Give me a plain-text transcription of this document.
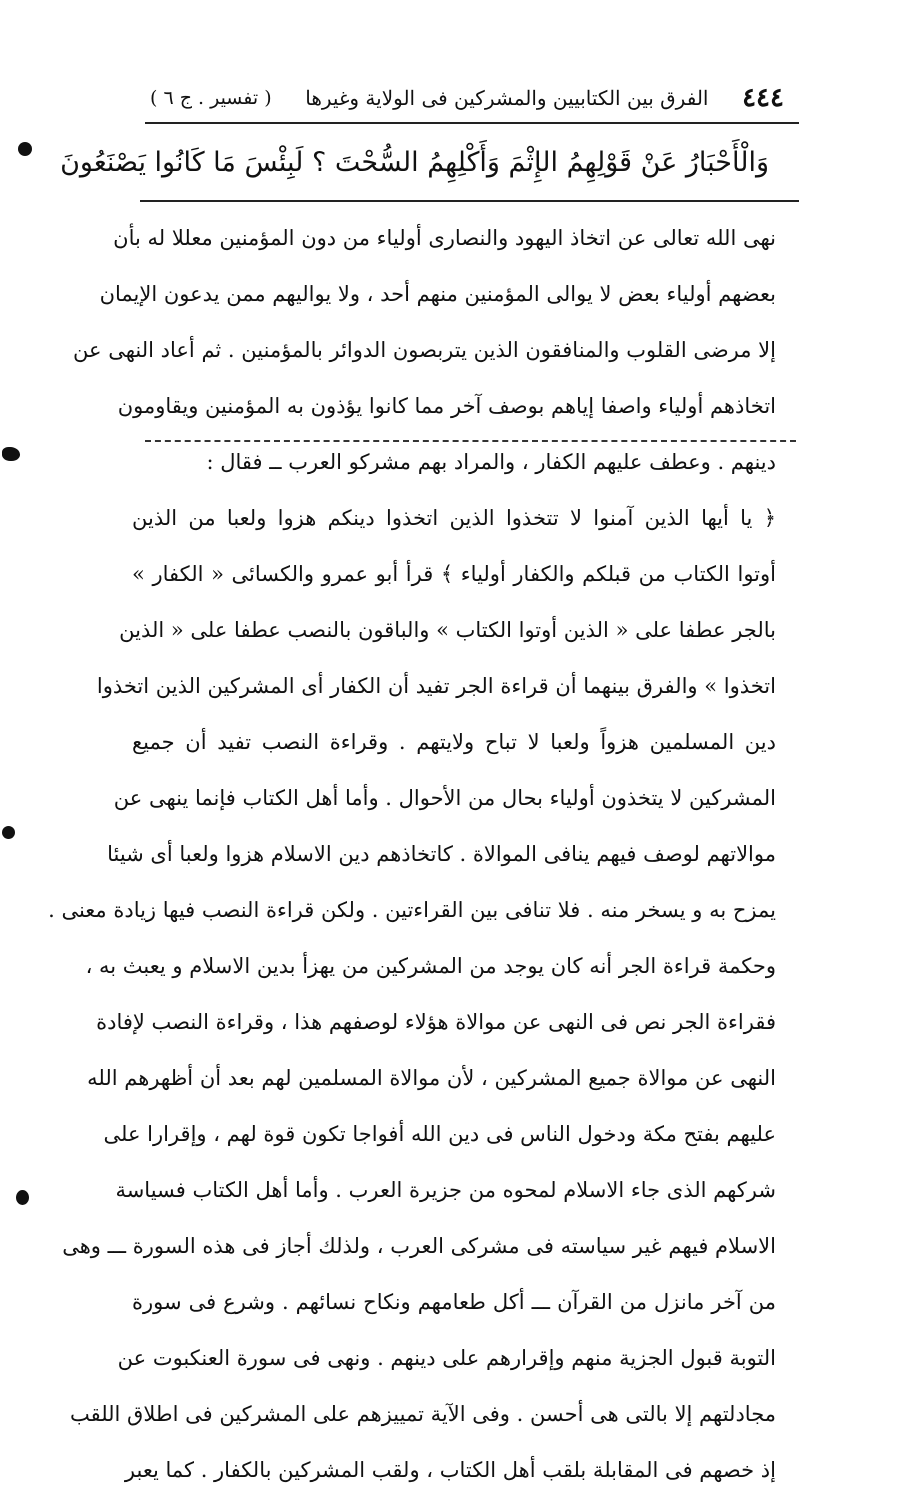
٤٤٤
الفرق بين الكتابيين والمشركين فى الولاية وغيرها
( تفسير . ج ٦ )
وَالْأَحْبَارُ عَنْ قَوْلِهِمُ الإِثْمَ وَأَكْلِهِمُ السُّحْتَ ؟ لَبِئْسَ مَا كَانُوا يَصْنَعُونَ
نهى الله تعالى عن اتخاذ اليهود والنصارى أولياء من دون المؤمنين معللا له بأن
بعضهم أولياء بعض لا يوالى المؤمنين منهم أحد ، ولا يواليهم ممن يدعون الإيمان
إلا مرضى القلوب والمنافقون الذين يتربصون الدوائر بالمؤمنين . ثم أعاد النهى عن
اتخاذهم أولياء واصفا إياهم بوصف آخر مما كانوا يؤذون به المؤمنين ويقاومون
دينهم . وعطف عليهم الكفار ، والمراد بهم مشركو العرب ــ فقال :
﴿ يا أيها الذين آمنوا لا تتخذوا الذين اتخذوا دينكم هزوا ولعبا من الذين
أوتوا الكتاب من قبلكم والكفار أولياء ﴾ قرأ أبو عمرو والكسائى « الكفار »
بالجر عطفا على « الذين أوتوا الكتاب » والباقون بالنصب عطفا على « الذين
اتخذوا » والفرق بينهما أن قراءة الجر تفيد أن الكفار أى المشركين الذين اتخذوا
دين المسلمين هزواً ولعبا لا تباح ولايتهم . وقراءة النصب تفيد أن جميع
المشركين لا يتخذون أولياء بحال من الأحوال . وأما أهل الكتاب فإنما ينهى عن
موالاتهم لوصف فيهم ينافى الموالاة . كاتخاذهم دين الاسلام هزوا ولعبا أى شيئا
يمزح به و يسخر منه . فلا تنافى بين القراءتين . ولكن قراءة النصب فيها زيادة معنى .
وحكمة قراءة الجر أنه كان يوجد من المشركين من يهزأ بدين الاسلام و يعبث به ،
فقراءة الجر نص فى النهى عن موالاة هؤلاء لوصفهم هذا ، وقراءة النصب لإفادة
النهى عن موالاة جميع المشركين ، لأن موالاة المسلمين لهم بعد أن أظهرهم الله
عليهم بفتح مكة ودخول الناس فى دين الله أفواجا تكون قوة لهم ، وإقرارا على
شركهم الذى جاء الاسلام لمحوه من جزيرة العرب . وأما أهل الكتاب فسياسة
الاسلام فيهم غير سياسته فى مشركى العرب ، ولذلك أجاز فى هذه السورة ـــ وهى
من آخر مانزل من القرآن ـــ أكل طعامهم ونكاح نسائهم . وشرع فى سورة
التوبة قبول الجزية منهم وإقرارهم على دينهم . ونهى فى سورة العنكبوت عن
مجادلتهم إلا بالتى هى أحسن . وفى الآية تمييزهم على المشركين فى اطلاق اللقب
إذ خصهم فى المقابلة بلقب أهل الكتاب ، ولقب المشركين بالكفار . كما يعبر
